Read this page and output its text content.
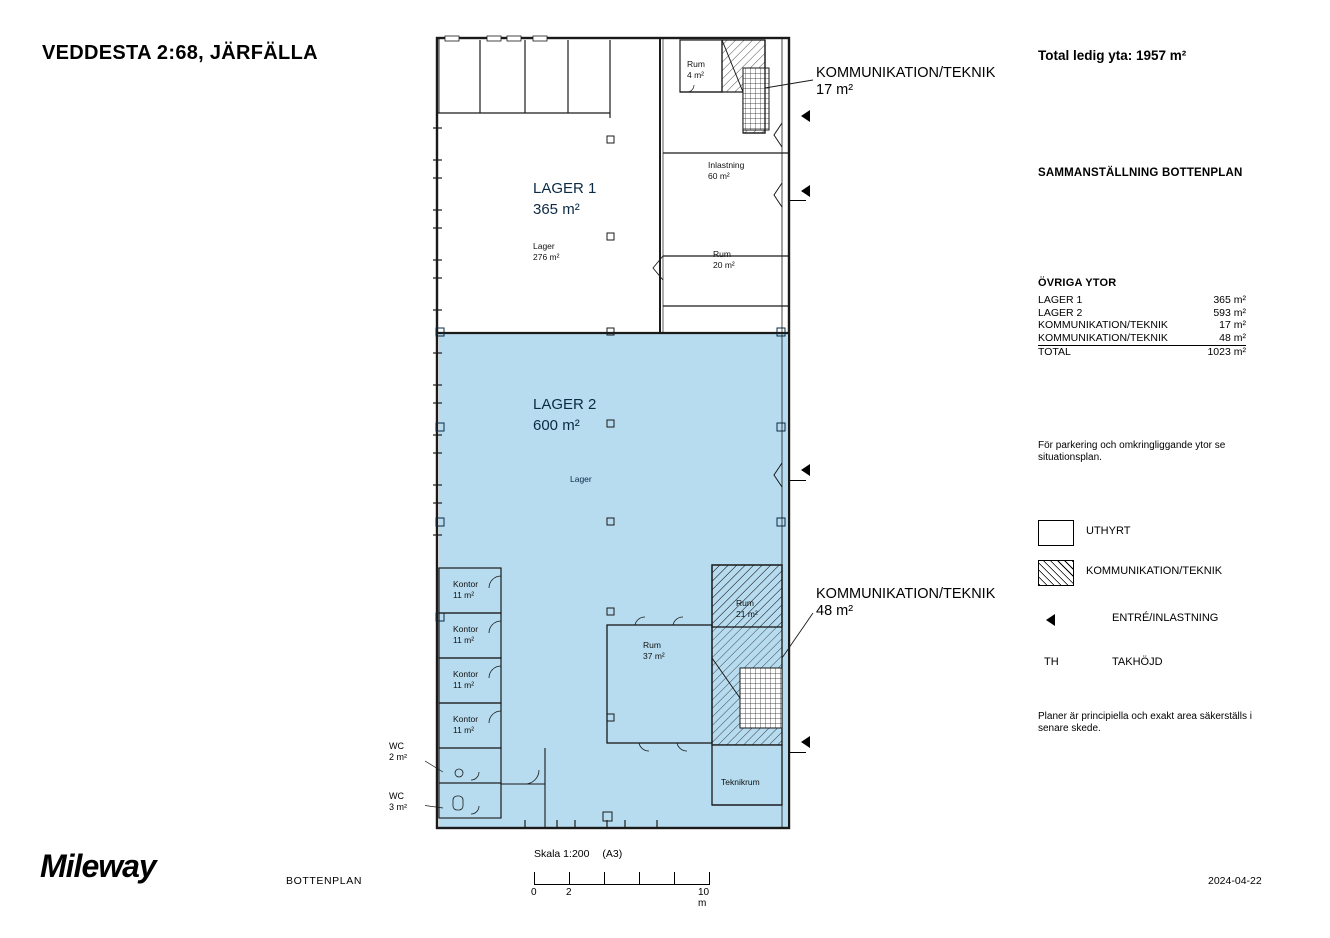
VEDDESTA 2:68, JÄRFÄLLA	Total ledig yta: 1957 m²
SAMMANSTÄLLNING BOTTENPLAN
ÖVRIGA YTOR
LAGER 1	365 m²
LAGER 2	593 m²
KOMMUNIKATION/TEKNIK	17 m²
KOMMUNIKATION/TEKNIK	48 m²
TOTAL	1023 m²
För parkering och omkringliggande ytor se situationsplan.
Planer är principiella och exakt area säkerställs i senare skede.
UTHYRT
KOMMUNIKATION/TEKNIK
ENTRÉ/INLASTNING
TH	TAKHÖJD
KOMMUNIKATION/TEKNIK
17 m²
KOMMUNIKATION/TEKNIK
48 m²
LAGER 1
365 m²
Lager
276 m²
LAGER 2
600 m²
Lager
Rum
4 m²
Inlastning
60 m²
Rum
20 m²
Rum
21 m²
Rum
37 m²
Teknikrum
Kontor
11 m²
Kontor
11 m²
Kontor
11 m²
Kontor
11 m²
WC
2 m²
WC
3 m²
Skala 1:200 (A3)
0	2	10 m
Mileway	BOTTENPLAN	2024-04-22
